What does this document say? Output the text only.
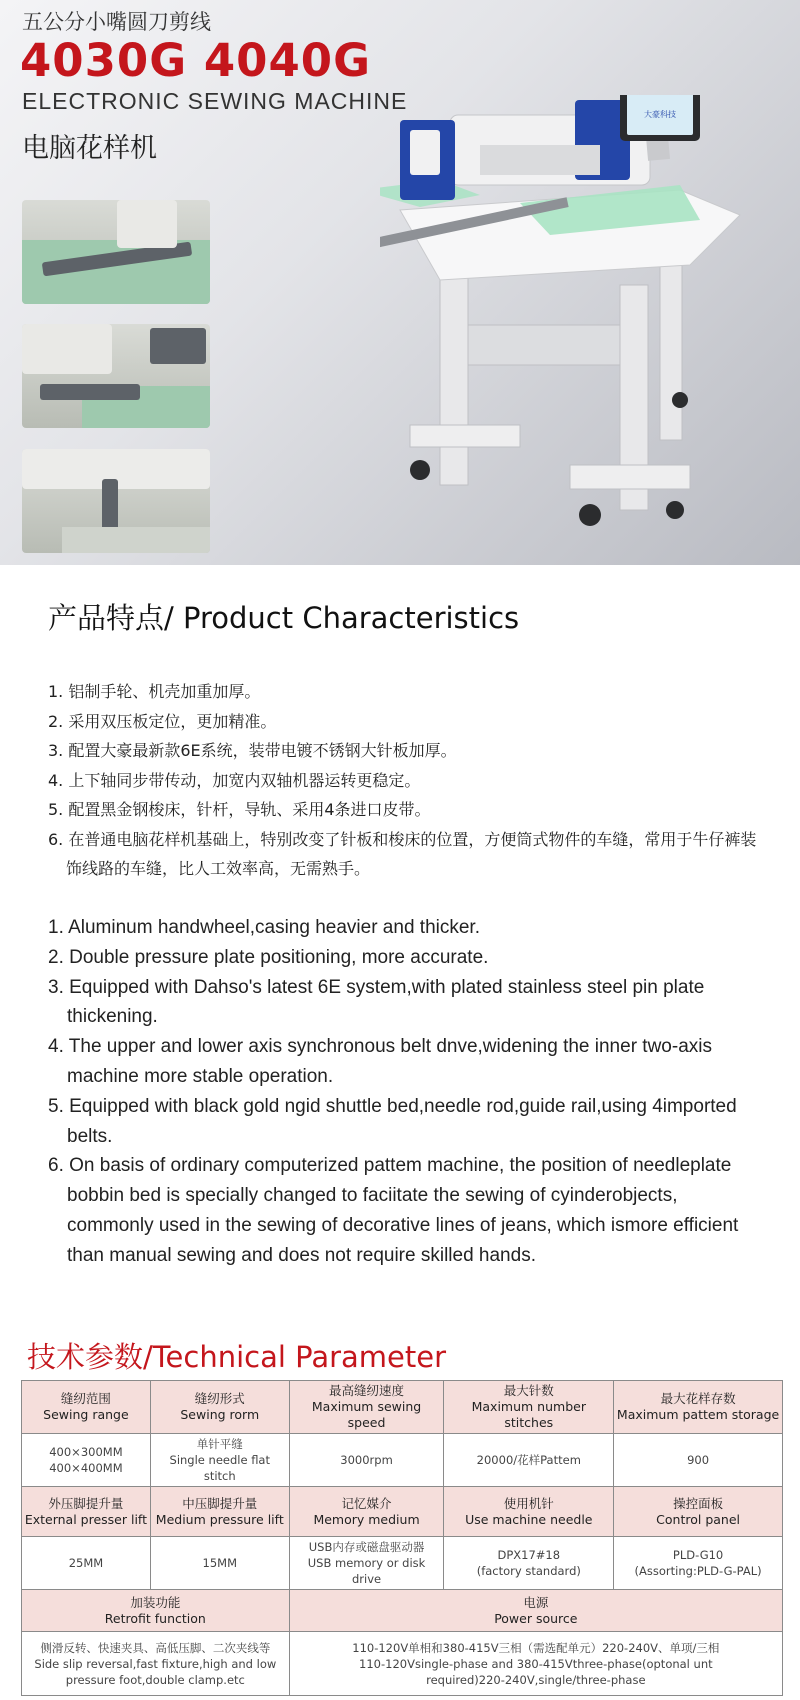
五公分小嘴圆刀剪线
4030G 4040G
ELECTRONIC SEWING MACHINE
电脑花样机
大豪科技
产品特点/ Product Characteristics
1. 铝制手轮、机壳加重加厚。
2. 采用双压板定位，更加精准。
3. 配置大豪最新款6E系统，装带电镀不锈钢大针板加厚。
4. 上下轴同步带传动，加宽内双轴机器运转更稳定。
5. 配置黑金钢梭床，针杆，导轨、采用4条进口皮带。
6. 在普通电脑花样机基础上，特别改变了针板和梭床的位置，方便筒式物件的车缝，常用于牛仔裤装饰线路的车缝，比人工效率高，无需熟手。
1. Aluminum handwheel,casing heavier and thicker.
2. Double pressure plate positioning, more accurate.
3. Equipped with Dahso's latest 6E system,with plated stainless steel pin plate thickening.
4. The upper and lower axis synchronous belt dnve,widening the inner two-axis machine more stable operation.
5. Equipped with black gold ngid shuttle bed,needle rod,guide rail,using 4imported belts.
6. On basis of ordinary computerized pattem machine, the position of needleplate bobbin bed is specially changed to faciitate the sewing of cyinderobjects, commonly used in the sewing of decorative lines of jeans, which ismore efficient than manual sewing and does not require skilled hands.
技术参数/Technical Parameter
缝纫范围
Sewing range	缝纫形式
Sewing rorm	最高缝纫速度
Maximum sewing speed	最大针数
Maximum number stitches	最大花样存数
Maximum pattem storage

400×300MM
400×400MM	单针平缝
Single needle flat stitch	3000rpm	20000/花样Pattem	900

外压脚提升量
External presser lift	中压脚提升量
Medium pressure lift	记忆媒介
Memory medium	使用机针
Use machine needle	操控面板
Control panel

25MM	15MM	USB内存或磁盘驱动器
USB memory or disk drive	DPX17#18
(factory standard)	PLD-G10
(Assorting:PLD-G-PAL)

加装功能
Retrofit function		电源
Power source		

侧滑反转、快速夹具、高低压脚、二次夹线等
Side slip reversal,fast fixture,high and low pressure foot,double clamp.etc		110-120V单相和380-415V三相（需选配单元）220-240V、单项/三相
110-120Vsingle-phase and 380-415Vthree-phase(optonal unt required)220-240V,single/three-phase		
